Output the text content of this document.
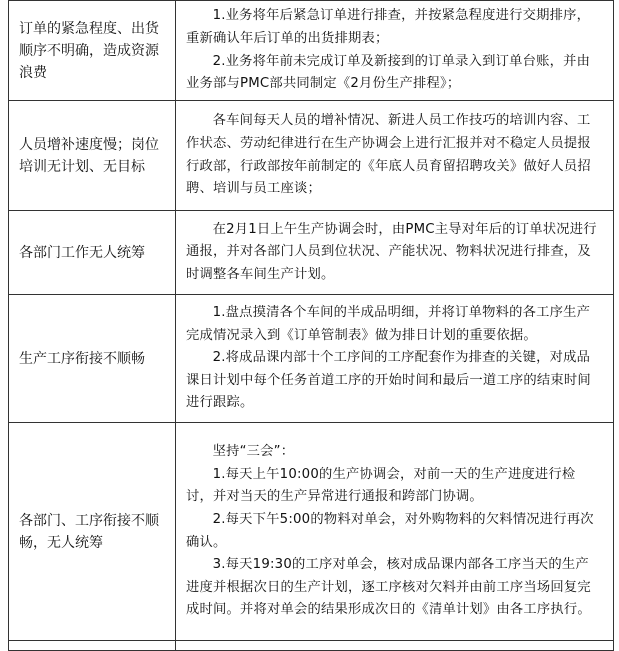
订单的紧急程度、出货顺序不明确，造成资源浪费	1.业务将年后紧急订单进行排查，并按紧急程度进行交期排序，重新确认年后订单的出货排期表；

2.业务将年前未完成订单及新接到的订单录入到订单台账，并由业务部与PMC部共同制定《2月份生产排程》；

人员增补速度慢；岗位培训无计划、无目标	各车间每天人员的增补情况、新进人员工作技巧的培训内容、工作状态、劳动纪律进行在生产协调会上进行汇报并对不稳定人员提报行政部，行政部按年前制定的《年底人员育留招聘攻关》做好人员招聘、培训与员工座谈；

各部门工作无人统筹	在2月1日上午生产协调会时，由PMC主导对年后的订单状况进行通报，并对各部门人员到位状况、产能状况、物料状况进行排查，及时调整各车间生产计划。

生产工序衔接不顺畅	1.盘点摸清各个车间的半成品明细，并将订单物料的各工序生产完成情况录入到《订单管制表》做为排日计划的重要依据。

2.将成品课内部十个工序间的工序配套作为排查的关键，对成品课日计划中每个任务首道工序的开始时间和最后一道工序的结束时间进行跟踪。

各部门、工序衔接不顺畅，无人统筹	坚持“三会”：

1.每天上午10:00的生产协调会，对前一天的生产进度进行检讨，并对当天的生产异常进行通报和跨部门协调。

2.每天下午5:00的物料对单会，对外购物料的欠料情况进行再次确认。

3.每天19:30的工序对单会，核对成品课内部各工序当天的生产进度并根据次日的生产计划，逐工序核对欠料并由前工序当场回复完成时间。并将对单会的结果形成次日的《清单计划》由各工序执行。
